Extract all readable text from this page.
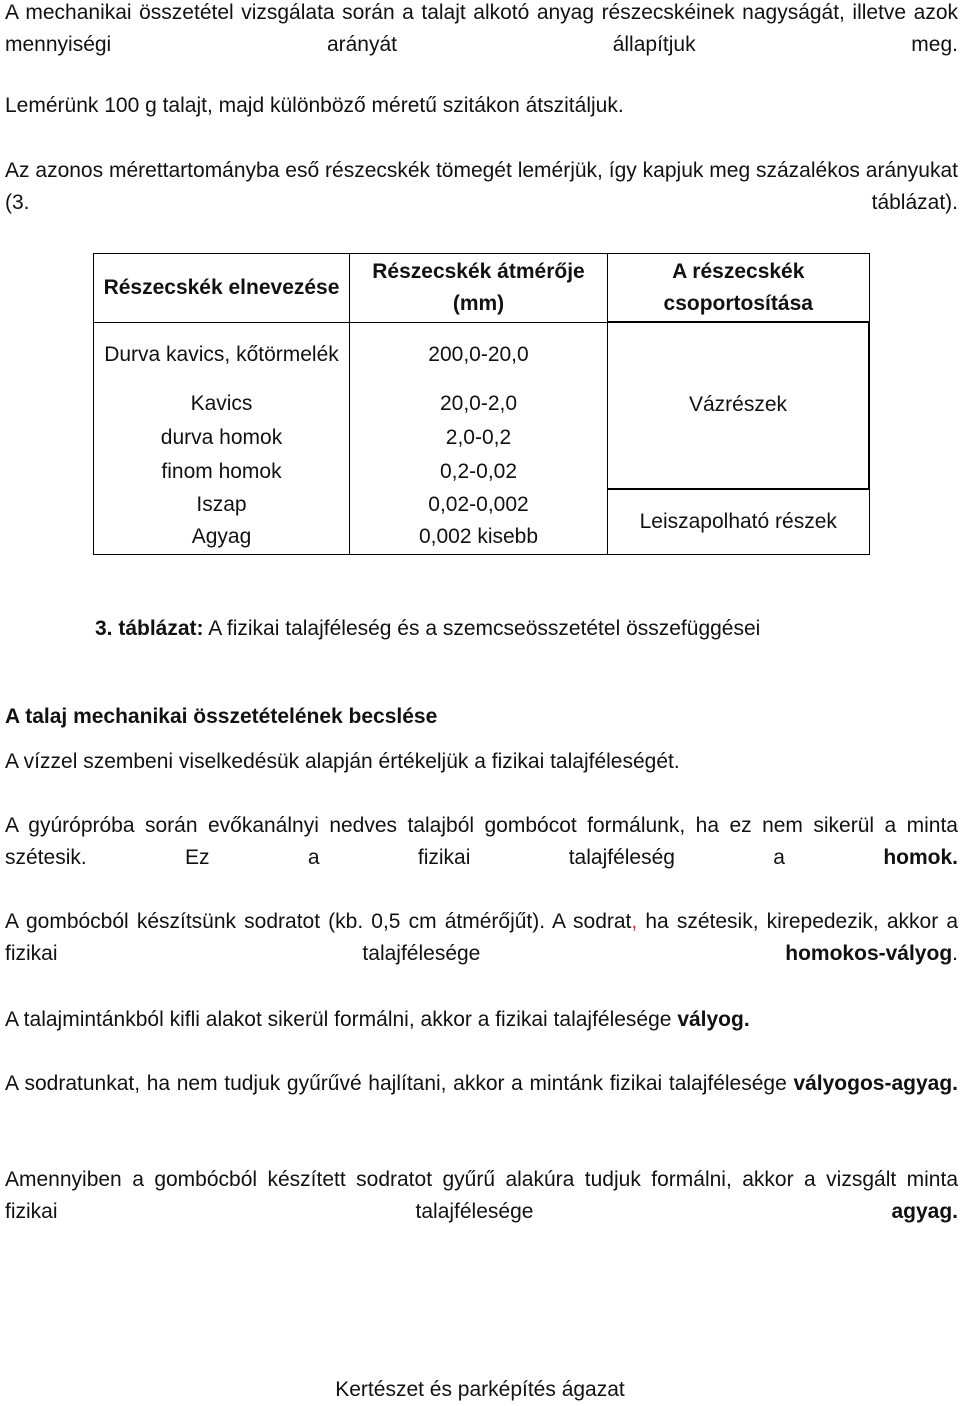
A mechanikai összetétel vizsgálata során a talajt alkotó anyag részecskéinek nagyságát, illetve azok mennyiségi arányát állapítjuk meg.

Lemérünk 100 g talajt, majd különböző méretű szitákon átszitáljuk.

Az azonos mérettartományba eső részecskék tömegét lemérjük, így kapjuk meg százalékos arányukat (3. táblázat).

Részecskék elnevezése	Részecskék átmérője (mm)	A részecskék csoportosítása
Durva kavics, kőtörmelék	200,0-20,0	Vázrészek
Kavics	20,0-2,0	
durva homok	2,0-0,2	
finom homok	0,2-0,02	
Iszap	0,02-0,002	Leiszapolható részek
Agyag	0,002 kisebb	

3. táblázat: A fizikai talajféleség és a szemcseösszetétel összefüggései

A talaj mechanikai összetételének becslése

A vízzel szembeni viselkedésük alapján értékeljük a fizikai talajféleségét.

A gyúrópróba során evőkanálnyi nedves talajból gombócot formálunk, ha ez nem sikerül a minta szétesik. Ez a fizikai talajféleség a homok.

A gombócból készítsünk sodratot (kb. 0,5 cm átmérőjűt). A sodrat, ha szétesik, kirepedezik, akkor a fizikai talajfélesége homokos-vályog.

A talajmintánkból kifli alakot sikerül formálni, akkor a fizikai talajfélesége vályog.

A sodratunkat, ha nem tudjuk gyűrűvé hajlítani, akkor a mintánk fizikai talajfélesége vályogos-agyag.

Amennyiben a gombócból készített sodratot gyűrű alakúra tudjuk formálni, akkor a vizsgált minta fizikai talajfélesége agyag.

Kertészet és parképítés ágazat
